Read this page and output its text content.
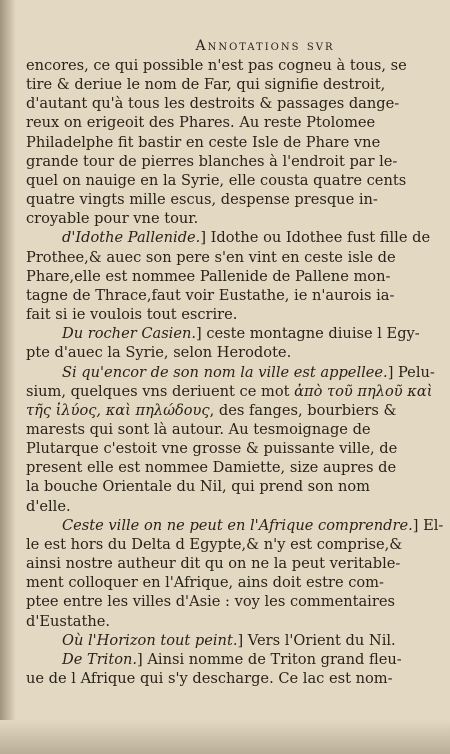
Annotations svr
encores, ce qui possible n'est pas cogneu à tous, se
tire & deriue le nom de Far, qui signifie destroit,
d'autant qu'à tous les destroits & passages dange-
reux on erigeoit des Phares. Au reste Ptolomee
Philadelphe fit bastir en ceste Isle de Phare vne
grande tour de pierres blanches à l'endroit par le-
quel on nauige en la Syrie, elle cousta quatre cents
quatre vingts mille escus, despense presque in-
croyable pour vne tour.
d'Idothe Pallenide.] Idothe ou Idothee fust fille de
Prothee,& auec son pere s'en vint en ceste isle de
Phare,elle est nommee Pallenide de Pallene mon-
tagne de Thrace,faut voir Eustathe, ie n'aurois ia-
fait si ie voulois tout escrire.
Du rocher Casien.] ceste montagne diuise l Egy-
pte d'auec la Syrie, selon Herodote.
Si qu'encor de son nom la ville est appellee.] Pelu-
sium, quelques vns deriuent ce mot ἀπὸ τοῦ πηλοῦ καὶ
τῆς ἰλύος, καὶ πηλώδους, des fanges, bourbiers &
marests qui sont là autour. Au tesmoignage de
Plutarque c'estoit vne grosse & puissante ville, de
present elle est nommee Damiette, size aupres de
la bouche Orientale du Nil, qui prend son nom
d'elle.
Ceste ville on ne peut en l'Afrique comprendre.] El-
le est hors du Delta d Egypte,& n'y est comprise,&
ainsi nostre autheur dit qu on ne la peut veritable-
ment colloquer en l'Afrique, ains doit estre com-
ptee entre les villes d'Asie : voy les commentaires
d'Eustathe.
Où l'Horizon tout peint.] Vers l'Orient du Nil.
De Triton.] Ainsi nomme de Triton grand fleu-
ue de l Afrique qui s'y descharge. Ce lac est nom-
